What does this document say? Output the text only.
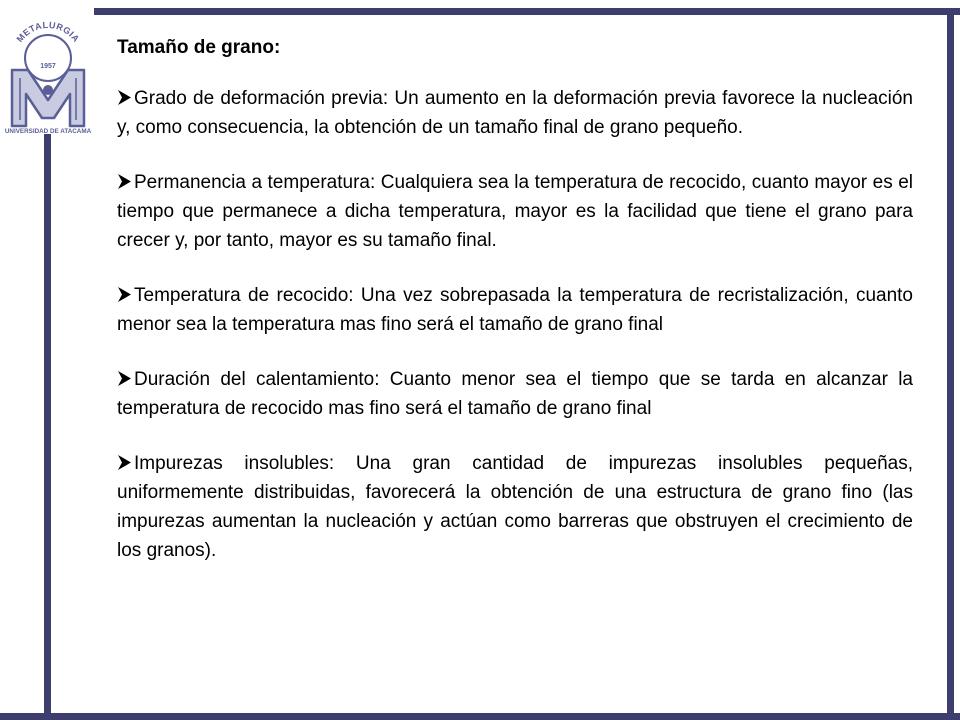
METALURGIA
1957
UNIVERSIDAD DE ATACAMA
Tamaño de grano:
Grado de deformación previa: Un aumento en la deformación previa favorece la nucleación y, como consecuencia, la obtención de un tamaño final de grano pequeño.
Permanencia a temperatura: Cualquiera sea la temperatura de recocido, cuanto mayor es el tiempo que permanece a dicha temperatura, mayor es la facilidad que tiene el grano para crecer y, por tanto, mayor es su tamaño final.
Temperatura de recocido: Una vez sobrepasada la temperatura de recristalización, cuanto menor sea la temperatura mas fino será el tamaño de grano final
Duración del calentamiento: Cuanto menor sea el tiempo que se tarda en alcanzar la temperatura de recocido mas fino será el tamaño de grano final
Impurezas insolubles: Una gran cantidad de impurezas insolubles pequeñas, uniformemente distribuidas, favorecerá la obtención de una estructura de grano fino (las impurezas aumentan la nucleación y actúan como barreras que obstruyen el crecimiento de los granos).
